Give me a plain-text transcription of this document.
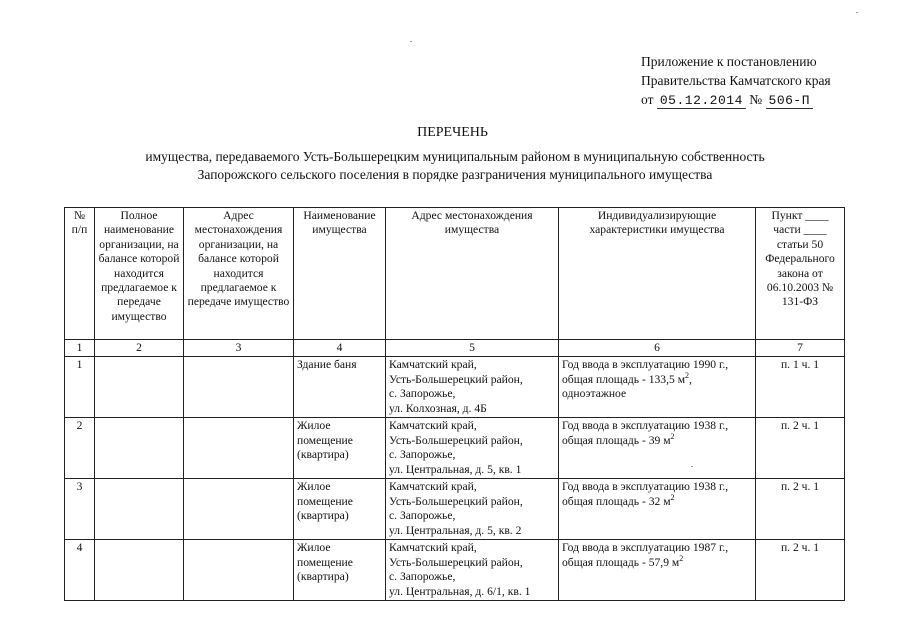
Приложение к постановлению
Правительства Камчатского края
от 05.12.2014 № 506-П
ПЕРЕЧЕНЬ
имущества, передаваемого Усть-Большерецким муниципальным районом в муниципальную собственность
Запорожского сельского поселения в порядке разграничения муниципального имущества
№ п/п	Полное наименование организации, на балансе которой находится предлагаемое к передаче имущество	Адрес местонахождения организации, на балансе которой находится предлагаемое к передаче имущество	Наименование имущества	Адрес местонахождения имущества	Индивидуализирующие характеристики имущества	Пункт ____ части ____ статьи 50 Федерального закона от 06.10.2003 № 131-ФЗ
1	2	3	4	5	6	7
1			Здание баня	Камчатский край,
Усть-Большерецкий район,
с. Запорожье,
ул. Колхозная, д. 4Б	Год ввода в эксплуатацию 1990 г.,
общая площадь - 133,5 $м^2$,
одноэтажное	п. 1 ч. 1
2			Жилое помещение (квартира)	Камчатский край,
Усть-Большерецкий район,
с. Запорожье,
ул. Центральная, д. 5, кв. 1	Год ввода в эксплуатацию 1938 г.,
общая площадь - 39 $м^2$	п. 2 ч. 1
3			Жилое помещение (квартира)	Камчатский край,
Усть-Большерецкий район,
с. Запорожье,
ул. Центральная, д. 5, кв. 2	Год ввода в эксплуатацию 1938 г.,
общая площадь - 32 $м^2$	п. 2 ч. 1
4			Жилое помещение (квартира)	Камчатский край,
Усть-Большерецкий район,
с. Запорожье,
ул. Центральная, д. 6/1, кв. 1	Год ввода в эксплуатацию 1987 г.,
общая площадь - 57,9 $м^2$	п. 2 ч. 1
